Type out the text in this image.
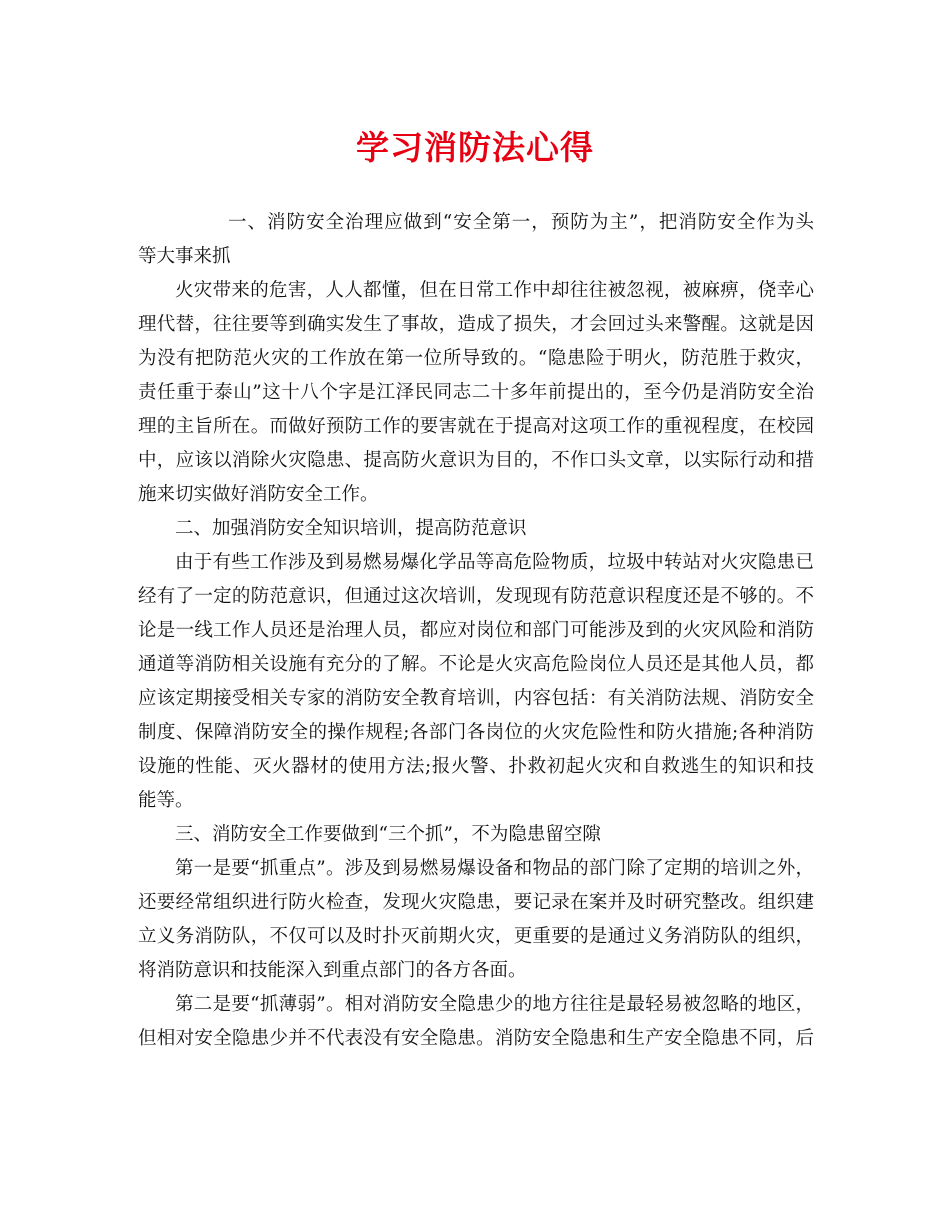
学习消防法心得

一、消防安全治理应做到“安全第一，预防为主”，把消防安全作为头
等大事来抓

火灾带来的危害，人人都懂，但在日常工作中却往往被忽视，被麻痹，侥幸心
理代替，往往要等到确实发生了事故，造成了损失，才会回过头来警醒。这就是因
为没有把防范火灾的工作放在第一位所导致的。“隐患险于明火，防范胜于救灾，
责任重于泰山”这十八个字是江泽民同志二十多年前提出的，至今仍是消防安全治
理的主旨所在。而做好预防工作的要害就在于提高对这项工作的重视程度，在校园
中，应该以消除火灾隐患、提高防火意识为目的，不作口头文章，以实际行动和措
施来切实做好消防安全工作。

二、加强消防安全知识培训，提高防范意识

由于有些工作涉及到易燃易爆化学品等高危险物质，垃圾中转站对火灾隐患已
经有了一定的防范意识，但通过这次培训，发现现有防范意识程度还是不够的。不
论是一线工作人员还是治理人员，都应对岗位和部门可能涉及到的火灾风险和消防
通道等消防相关设施有充分的了解。不论是火灾高危险岗位人员还是其他人员，都
应该定期接受相关专家的消防安全教育培训，内容包括：有关消防法规、消防安全
制度、保障消防安全的操作规程;各部门各岗位的火灾危险性和防火措施;各种消防
设施的性能、灭火器材的使用方法;报火警、扑救初起火灾和自救逃生的知识和技
能等。

三、消防安全工作要做到“三个抓”，不为隐患留空隙

第一是要“抓重点”。涉及到易燃易爆设备和物品的部门除了定期的培训之外，
还要经常组织进行防火检查，发现火灾隐患，要记录在案并及时研究整改。组织建
立义务消防队，不仅可以及时扑灭前期火灾，更重要的是通过义务消防队的组织，
将消防意识和技能深入到重点部门的各方各面。

第二是要“抓薄弱”。相对消防安全隐患少的地方往往是最轻易被忽略的地区，
但相对安全隐患少并不代表没有安全隐患。消防安全隐患和生产安全隐患不同，后
